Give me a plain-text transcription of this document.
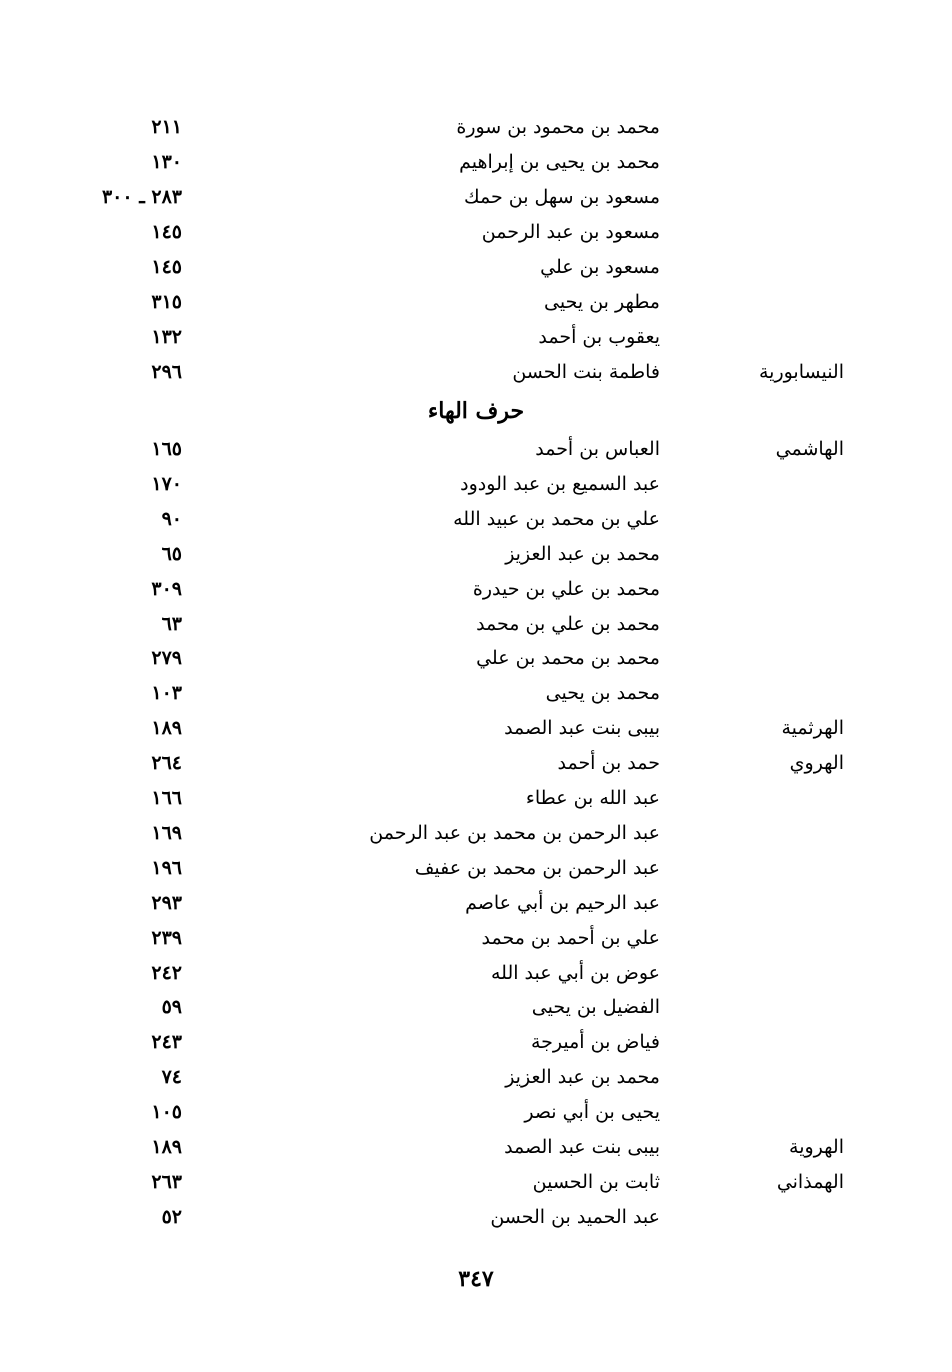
محمد بن محمود بن سورة
٢١١
محمد بن يحيى بن إبراهيم
١٣٠
مسعود بن سهل بن حمك
٢٨٣ ـ ٣٠٠
مسعود بن عبد الرحمن
١٤٥
مسعود بن علي
١٤٥
مطهر بن يحيى
٣١٥
يعقوب بن أحمد
١٣٢
النيسابورية
فاطمة بنت الحسن
٢٩٦
الهاشمي
العباس بن أحمد
١٦٥
عبد السميع بن عبد الودود
١٧٠
علي بن محمد بن عبيد الله
٩٠
محمد بن عبد العزيز
٦٥
محمد بن علي بن حيدرة
٣٠٩
محمد بن علي بن محمد
٦٣
محمد بن محمد بن علي
٢٧٩
محمد بن يحيى
١٠٣
الهرثمية
بيبى بنت عبد الصمد
١٨٩
الهروي
حمد بن أحمد
٢٦٤
عبد الله بن عطاء
١٦٦
عبد الرحمن بن محمد بن عبد الرحمن
١٦٩
عبد الرحمن بن محمد بن عفيف
١٩٦
عبد الرحيم بن أبي عاصم
٢٩٣
علي بن أحمد بن محمد
٢٣٩
عوض بن أبي عبد الله
٢٤٢
الفضيل بن يحيى
٥٩
فياض بن أميرجة
٢٤٣
محمد بن عبد العزيز
٧٤
يحيى بن أبي نصر
١٠٥
الهروية
بيبى بنت عبد الصمد
١٨٩
الهمذاني
ثابت بن الحسين
٢٦٣
عبد الحميد بن الحسن
٥٢
حرف الهاء
٣٤٧
